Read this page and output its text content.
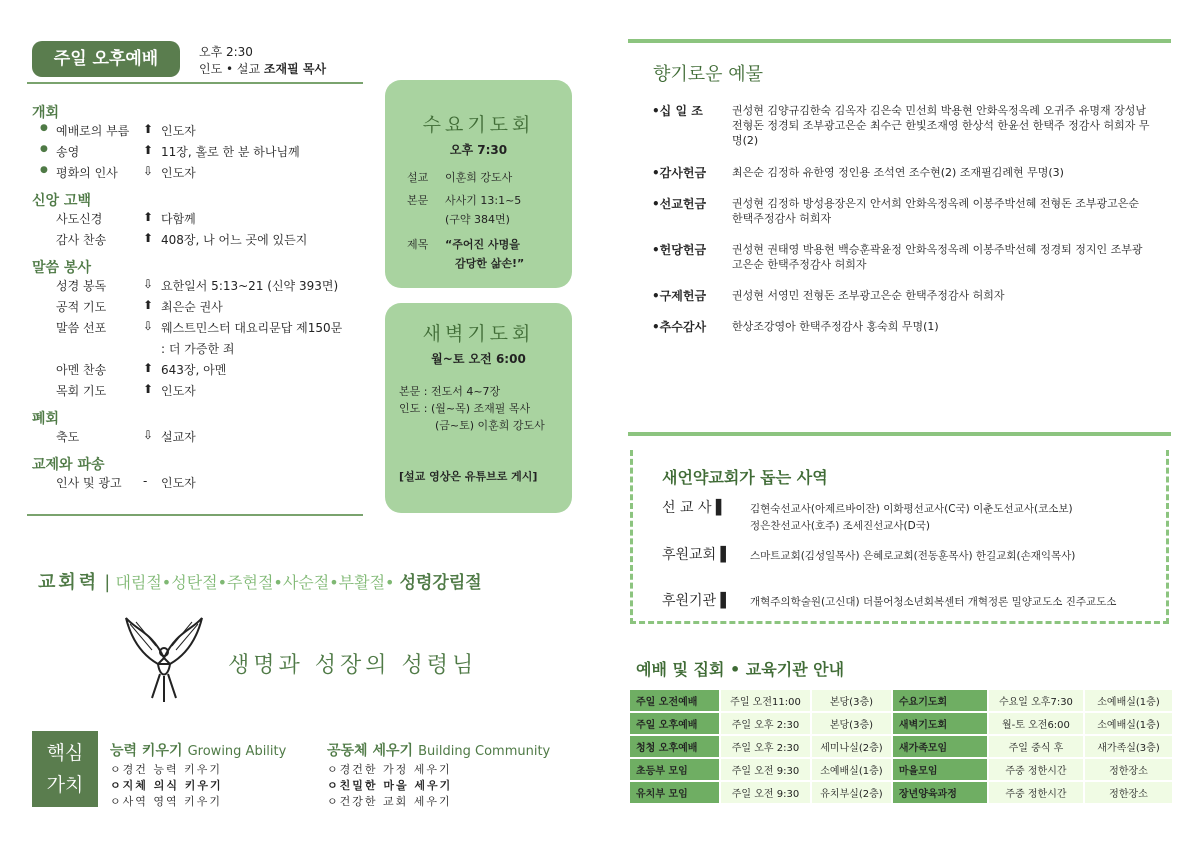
주일 오후예배	오후 2:30
인도 • 설교 조재필 목사
개회
● 예배로의 부름 ⬆ 인도자
● 송영	⬆ 11장, 홀로 한 분 하나님께
● 평화의 인사 ⇩ 인도자
신앙 고백
사도신경	⬆ 다함께
감사 찬송	⬆ 408장, 나 어느 곳에 있든지
말씀 봉사
성경 봉독	⇩ 요한일서 5:13~21 (신약 393면)
공적 기도	⬆ 최은순 권사
말씀 선포	⇩ 웨스트민스터 대요리문답 제150문
: 더 가증한 죄
아멘 찬송	⬆ 643장, 아멘
목회 기도	⬆ 인도자
폐회
축도	⇩ 설교자
교제와 파송
인사 및 광고 - 인도자
수요기도회
오후 7:30
설교 이훈희 강도사
본문 사사기 13:1~5
(구약 384면)
제목 “주어진 사명을
감당한 삶손!”
새벽기도회
월~토 오전 6:00
본문 : 전도서 4~7장
인도 : (월~목) 조재필 목사
(금~토) 이훈희 강도사
[설교 영상은 유튜브로 게시]
교회력 | 대림절•성탄절•주현절•사순절•부활절• 성령강림절
생명과 성장의 성령님
핵심
가치
능력 키우기 Growing Ability
ㅇ경건 능력 키우기
ㅇ지체 의식 키우기
ㅇ사역 영역 키우기
공동체 세우기 Building Community
ㅇ경건한 가정 세우기
ㅇ친밀한 마을 세우기
ㅇ건강한 교회 세우기
향기로운 예물
•십 일 조	권성현 김양규김한숙 김옥자 김은숙 민선희 박용현 안화옥정옥례 오귀주 유명재 장성남 전형돈 정경퇴 조부광고은순 최수근 한빛조재영 한상석 한윤선 한택주 정감사 허희자 무명(2)
•감사헌금 최은순 김정하 유한영 정인용 조석연 조수현(2) 조재필김례현 무명(3)
•선교헌금 권성현 김정하 방성용장은지 안서희 안화옥정옥례 이봉주박선혜 전형돈 조부광고은순 한택주정감사 허희자
•헌당헌금 권성현 권태영 박용현 백승훈곽윤정 안화옥정옥례 이봉주박선혜 정경퇴 정지인 조부광고은순 한택주정감사 허희자
•구제헌금 권성현 서영민 전형돈 조부광고은순 한택주정감사 허희자
•추수감사 한상조강영아 한택주정감사 홍숙희 무명(1)
새언약교회가 돕는 사역
선 교 사 ▌ 김현숙선교사(아제르바이잔) 이화평선교사(C국) 이춘도선교사(코소보)
정은찬선교사(호주) 조세진선교사(D국)
후원교회 ▌ 스마트교회(김성일목사) 은혜로교회(전동훈목사) 한길교회(손재익목사)
후원기관 ▌ 개혁주의학술원(고신대) 더불어청소년회복센터 개혁정론 밀양교도소 진주교도소
예배 및 집회 • 교육기관 안내
주일 오전예배	주일 오전11:00	본당(3층)	수요기도회	수요일 오후7:30	소예배실(1층)
주일 오후예배	주일 오후 2:30	본당(3층)	새벽기도회	월-토 오전6:00	소예배실(1층)
청청 오후예배	주일 오후 2:30	세미나실(2층)	새가족모임	주일 중식 후	새가족실(3층)
초등부 모임	주일 오전 9:30	소예배실(1층)	마을모임	주중 정한시간	정한장소
유치부 모임	주일 오전 9:30	유치부실(2층)	장년양육과정	주중 정한시간	정한장소
